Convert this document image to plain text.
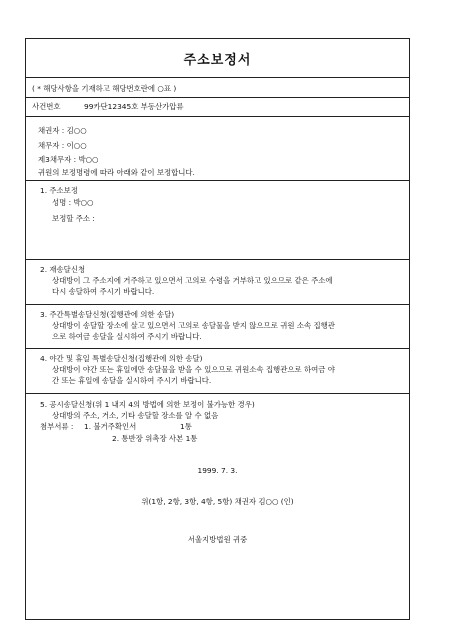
주소보정서
( * 해당사항을 기재하고 해당번호란에 ○표 )
사건번호	99카단12345호 부동산가압류
채권자 : 김○○
채무자 : 이○○
제3채무자 : 박○○
귀원의 보정명령에 따라 아래와 같이 보정합니다.
1. 주소보정
성명 : 박○○
보정할 주소 :
2. 재송달신청
상대방이 그 주소지에 거주하고 있으면서 고의로 수령을 거부하고 있으므로 같은 주소에
다시 송달하여 주시기 바랍니다.
3. 주간특별송달신청(집행관에 의한 송달)
상대방이 송달할 장소에 살고 있으면서 고의로 송달물을 받지 않으므로 귀원 소속 집행관
으로 하여금 송달을 실시하여 주시기 바랍니다.
4. 야간 및 휴일 특별송달신청(집행관에 의한 송달)
상대방이 야간 또는 휴일에만 송달물을 받을 수 있으므로 귀원소속 집행관으로 하여금 야
간 또는 휴일에 송달을 실시하여 주시기 바랍니다.
5. 공시송달신청(위 1 내지 4의 방법에 의한 보정이 불가능한 경우)
상대방의 주소, 거소, 기타 송달할 장소를 알 수 없음
첨부서류 : 1. 불거주확인서	1통
2. 통반장 위촉장 사본 1통
1999. 7. 3.
위(1항, 2항, 3항, 4항, 5항) 채권자 김○○ (인)
서울지방법원 귀중
